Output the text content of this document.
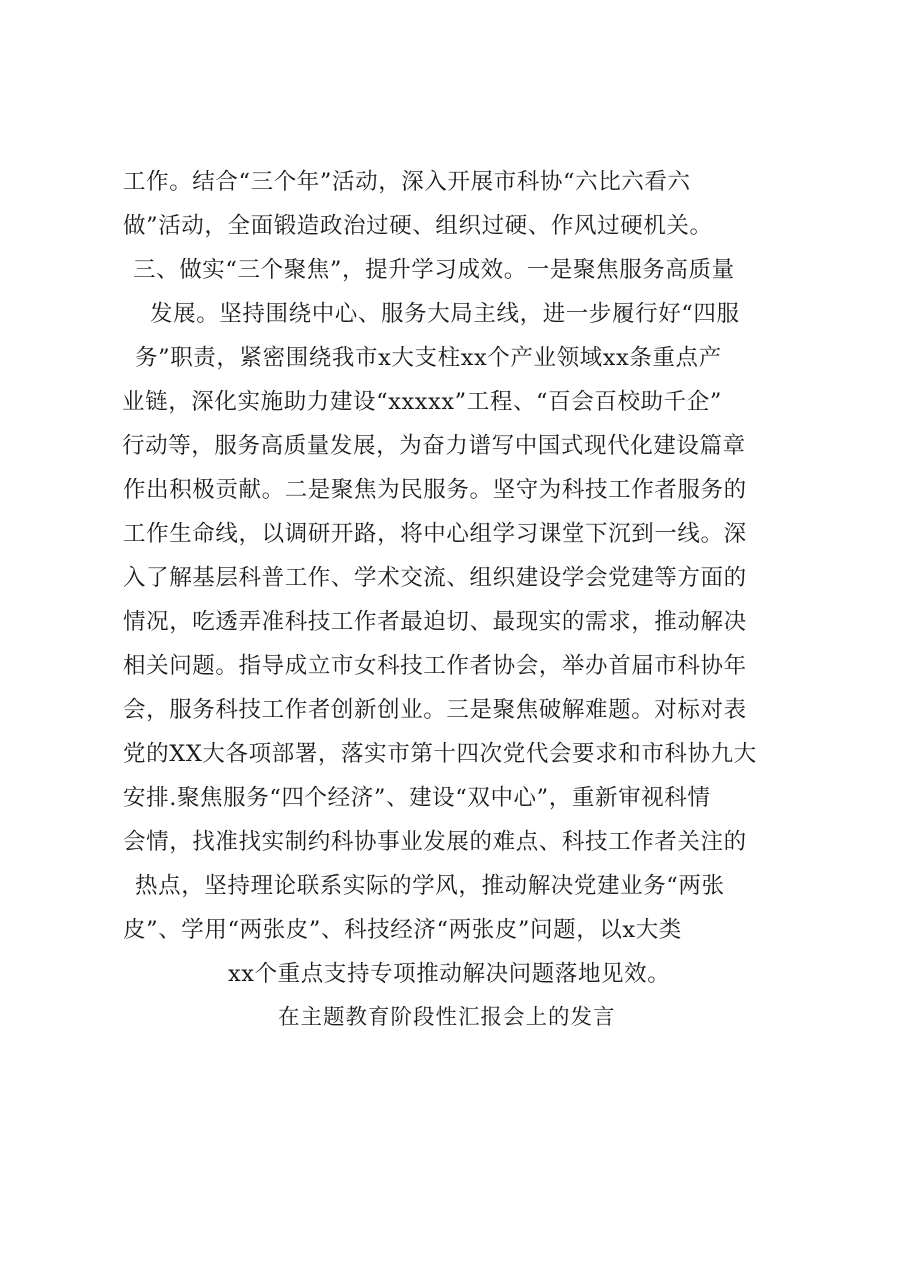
工作。结合“三个年”活动，深入开展市科协“六比六看六
做”活动，全面锻造政治过硬、组织过硬、作风过硬机关。
三、做实“三个聚焦”，提升学习成效。一是聚焦服务高质量
发展。坚持围绕中心、服务大局主线，进一步履行好“四服
务”职责，紧密围绕我市x大支柱xx个产业领域xx条重点产
业链，深化实施助力建设“xxxxx”工程、“百会百校助千企”
行动等，服务高质量发展，为奋力谱写中国式现代化建设篇章
作出积极贡献。二是聚焦为民服务。坚守为科技工作者服务的
工作生命线，以调研开路，将中心组学习课堂下沉到一线。深
入了解基层科普工作、学术交流、组织建设学会党建等方面的
情况，吃透弄准科技工作者最迫切、最现实的需求，推动解决
相关问题。指导成立市女科技工作者协会，举办首届市科协年
会，服务科技工作者创新创业。三是聚焦破解难题。对标对表
党的XX大各项部署，落实市第十四次党代会要求和市科协九大
安排.聚焦服务“四个经济”、建设“双中心”，重新审视科情
会情，找准找实制约科协事业发展的难点、科技工作者关注的
热点，坚持理论联系实际的学风，推动解决党建业务“两张
皮”、学用“两张皮”、科技经济“两张皮”问题，以x大类
xx个重点支持专项推动解决问题落地见效。
在主题教育阶段性汇报会上的发言
